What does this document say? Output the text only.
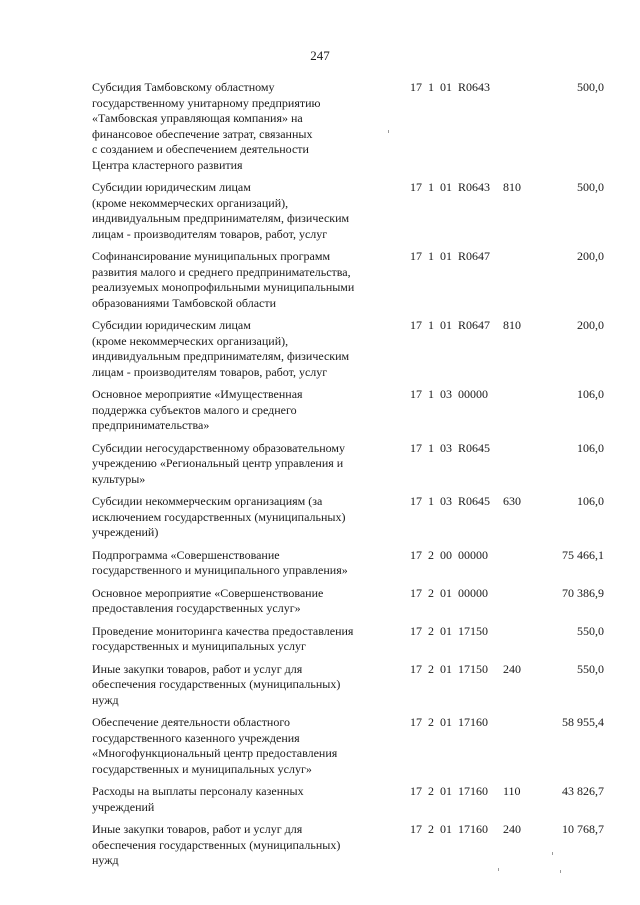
247
Субсидия Тамбовскому областному
государственному унитарному предприятию
«Тамбовская управляющая компания» на
финансовое обеспечение затрат, связанных
с созданием и обеспечением деятельности
Центра кластерного развития
17 1 01 R0643	500,0
Субсидии юридическим лицам
(кроме некоммерческих организаций),
индивидуальным предпринимателям, физическим
лицам - производителям товаров, работ, услуг
17 1 01 R0643 810	500,0
Софинансирование муниципальных программ
развития малого и среднего предпринимательства,
реализуемых монопрофильными муниципальными
образованиями Тамбовской области
17 1 01 R0647	200,0
Субсидии юридическим лицам
(кроме некоммерческих организаций),
индивидуальным предпринимателям, физическим
лицам - производителям товаров, работ, услуг
17 1 01 R0647 810	200,0
Основное мероприятие «Имущественная
поддержка субъектов малого и среднего
предпринимательства»
17 1 03 00000	106,0
Субсидии негосударственному образовательному
учреждению «Региональный центр управления и
культуры»
17 1 03 R0645	106,0
Субсидии некоммерческим организациям (за
исключением государственных (муниципальных)
учреждений)
17 1 03 R0645 630	106,0
Подпрограмма «Совершенствование
государственного и муниципального управления»
17 2 00 00000	75 466,1
Основное мероприятие «Совершенствование
предоставления государственных услуг»
17 2 01 00000	70 386,9
Проведение мониторинга качества предоставления
государственных и муниципальных услуг
17 2 01 17150	550,0
Иные закупки товаров, работ и услуг для
обеспечения государственных (муниципальных)
нужд
17 2 01 17150 240	550,0
Обеспечение деятельности областного
государственного казенного учреждения
«Многофункциональный центр предоставления
государственных и муниципальных услуг»
17 2 01 17160	58 955,4
Расходы на выплаты персоналу казенных
учреждений
17 2 01 17160 110	43 826,7
Иные закупки товаров, работ и услуг для
обеспечения государственных (муниципальных)
нужд
17 2 01 17160 240	10 768,7
